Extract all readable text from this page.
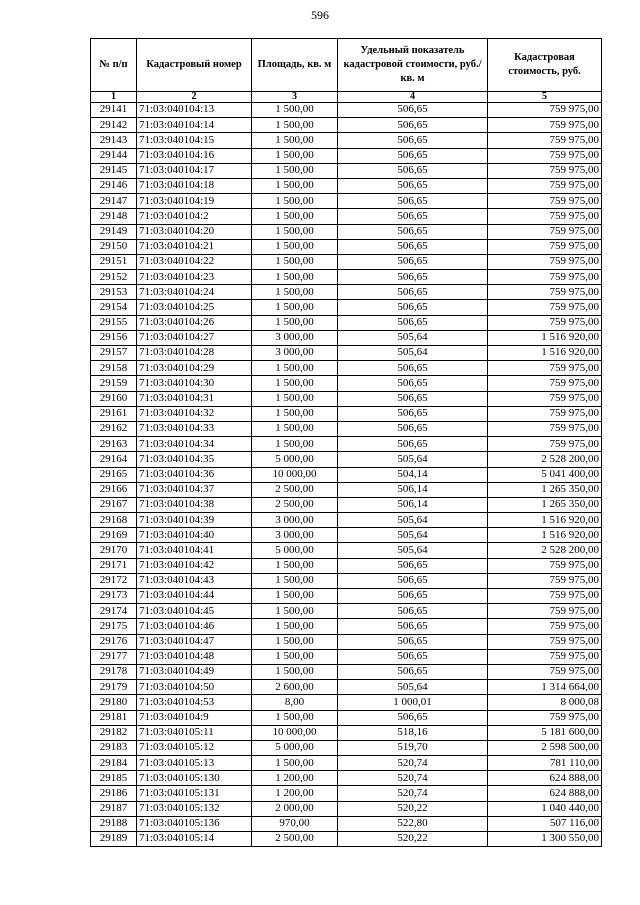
596
№ п/п	Кадастровый номер	Площадь, кв. м	Удельный показатель кадастровой стоимости, руб./кв. м	Кадастровая стоимость, руб.
1	2	3	4	5
29141	71:03:040104:13	1 500,00	506,65	759 975,00
29142	71:03:040104:14	1 500,00	506,65	759 975,00
29143	71:03:040104:15	1 500,00	506,65	759 975,00
29144	71:03:040104:16	1 500,00	506,65	759 975,00
29145	71:03:040104:17	1 500,00	506,65	759 975,00
29146	71:03:040104:18	1 500,00	506,65	759 975,00
29147	71:03:040104:19	1 500,00	506,65	759 975,00
29148	71:03:040104:2	1 500,00	506,65	759 975,00
29149	71:03:040104:20	1 500,00	506,65	759 975,00
29150	71:03:040104:21	1 500,00	506,65	759 975,00
29151	71:03:040104:22	1 500,00	506,65	759 975,00
29152	71:03:040104:23	1 500,00	506,65	759 975,00
29153	71:03:040104:24	1 500,00	506,65	759 975,00
29154	71:03:040104:25	1 500,00	506,65	759 975,00
29155	71:03:040104:26	1 500,00	506,65	759 975,00
29156	71:03:040104:27	3 000,00	505,64	1 516 920,00
29157	71:03:040104:28	3 000,00	505,64	1 516 920,00
29158	71:03:040104:29	1 500,00	506,65	759 975,00
29159	71:03:040104:30	1 500,00	506,65	759 975,00
29160	71:03:040104:31	1 500,00	506,65	759 975,00
29161	71:03:040104:32	1 500,00	506,65	759 975,00
29162	71:03:040104:33	1 500,00	506,65	759 975,00
29163	71:03:040104:34	1 500,00	506,65	759 975,00
29164	71:03:040104:35	5 000,00	505,64	2 528 200,00
29165	71:03:040104:36	10 000,00	504,14	5 041 400,00
29166	71:03:040104:37	2 500,00	506,14	1 265 350,00
29167	71:03:040104:38	2 500,00	506,14	1 265 350,00
29168	71:03:040104:39	3 000,00	505,64	1 516 920,00
29169	71:03:040104:40	3 000,00	505,64	1 516 920,00
29170	71:03:040104:41	5 000,00	505,64	2 528 200,00
29171	71:03:040104:42	1 500,00	506,65	759 975,00
29172	71:03:040104:43	1 500,00	506,65	759 975,00
29173	71:03:040104:44	1 500,00	506,65	759 975,00
29174	71:03:040104:45	1 500,00	506,65	759 975,00
29175	71:03:040104:46	1 500,00	506,65	759 975,00
29176	71:03:040104:47	1 500,00	506,65	759 975,00
29177	71:03:040104:48	1 500,00	506,65	759 975,00
29178	71:03:040104:49	1 500,00	506,65	759 975,00
29179	71:03:040104:50	2 600,00	505,64	1 314 664,00
29180	71:03:040104:53	8,00	1 000,01	8 000,08
29181	71:03:040104:9	1 500,00	506,65	759 975,00
29182	71:03:040105:11	10 000,00	518,16	5 181 600,00
29183	71:03:040105:12	5 000,00	519,70	2 598 500,00
29184	71:03:040105:13	1 500,00	520,74	781 110,00
29185	71:03:040105:130	1 200,00	520,74	624 888,00
29186	71:03:040105:131	1 200,00	520,74	624 888,00
29187	71:03:040105:132	2 000,00	520,22	1 040 440,00
29188	71:03:040105:136	970,00	522,80	507 116,00
29189	71:03:040105:14	2 500,00	520,22	1 300 550,00
